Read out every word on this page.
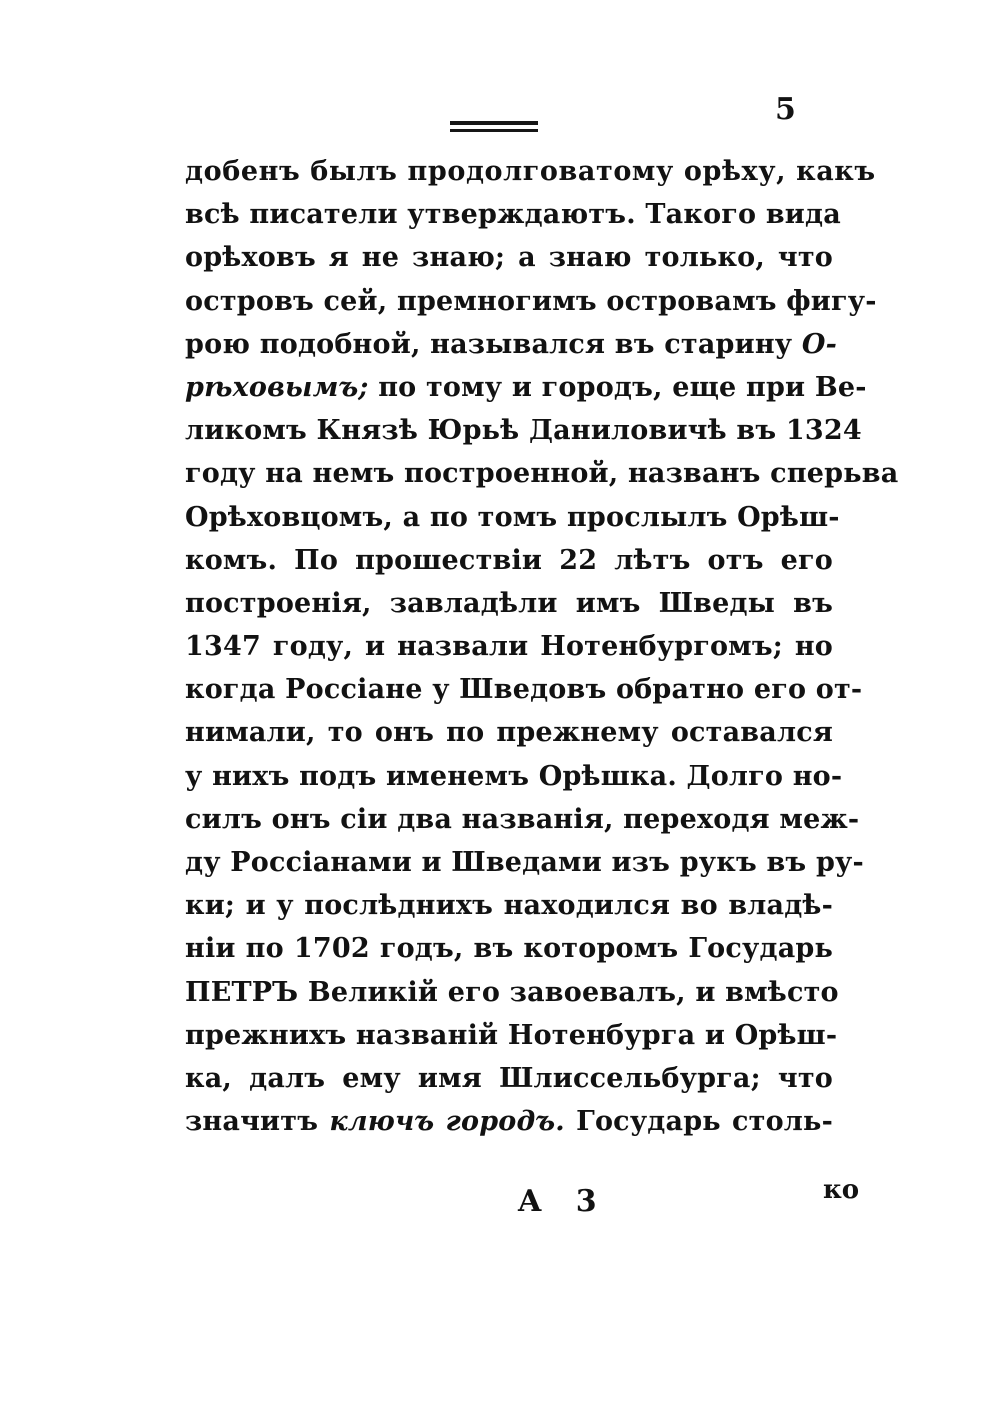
5
добенъ былъ продолговатому орѣху, какъ
всѣ писатели утверждаютъ. Такого вида
орѣховъ я не знаю; а знаю только, что
островъ сей, премногимъ островамъ фигу-
рою подобной, назывался въ старину О-
рѣховымъ; по тому и городъ, еще при Ве-
ликомъ Князѣ Юрьѣ Даниловичѣ въ 1324
году на немъ построенной, названъ сперьва
Орѣховцомъ, а по томъ прослылъ Орѣш-
комъ. По прошествіи 22 лѣтъ отъ его
построенія, завладѣли имъ Шведы въ
1347 году, и назвали Нотенбургомъ; но
когда Россіане у Шведовъ обратно его от-
нимали, то онъ по прежнему оставался
у нихъ подъ именемъ Орѣшка. Долго но-
силъ онъ сіи два названія, переходя меж-
ду Россіанами и Шведами изъ рукъ въ ру-
ки; и у послѣднихъ находился во владѣ-
ніи по 1702 годъ, въ которомъ Государь
ПЕТРЪ Великій его завоевалъ, и вмѣсто
прежнихъ названій Нотенбурга и Орѣш-
ка, далъ ему имя Шлиссельбурга; что
значитъ ключъ городъ. Государь столь-
A 3	ко
